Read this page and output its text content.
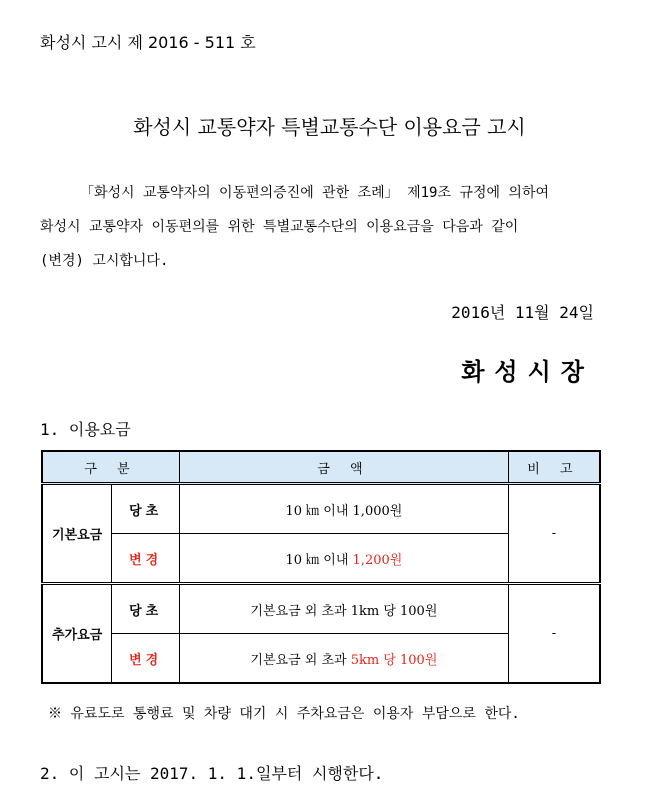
화성시 고시 제 2016 - 511 호
화성시 교통약자 특별교통수단 이용요금 고시
「화성시 교통약자의 이동편의증진에 관한 조례」 제19조 규정에 의하여
화성시 교통약자 이동편의를 위한 특별교통수단의 이용요금을 다음과 같이
(변경) 고시합니다.
2016년 11월 24일
화성시장
1. 이용요금
구 분		금 액	비 고
기본요금	당초	10 ㎞ 이내 1,000원	-
	변경	10 ㎞ 이내 1,200원	
추가요금	당초	기본요금 외 초과 1km 당 100원	-
	변경	기본요금 외 초과 5km 당 100원	
※ 유료도로 통행료 및 차량 대기 시 주차요금은 이용자 부담으로 한다.
2. 이 고시는 2017. 1. 1.일부터 시행한다.
